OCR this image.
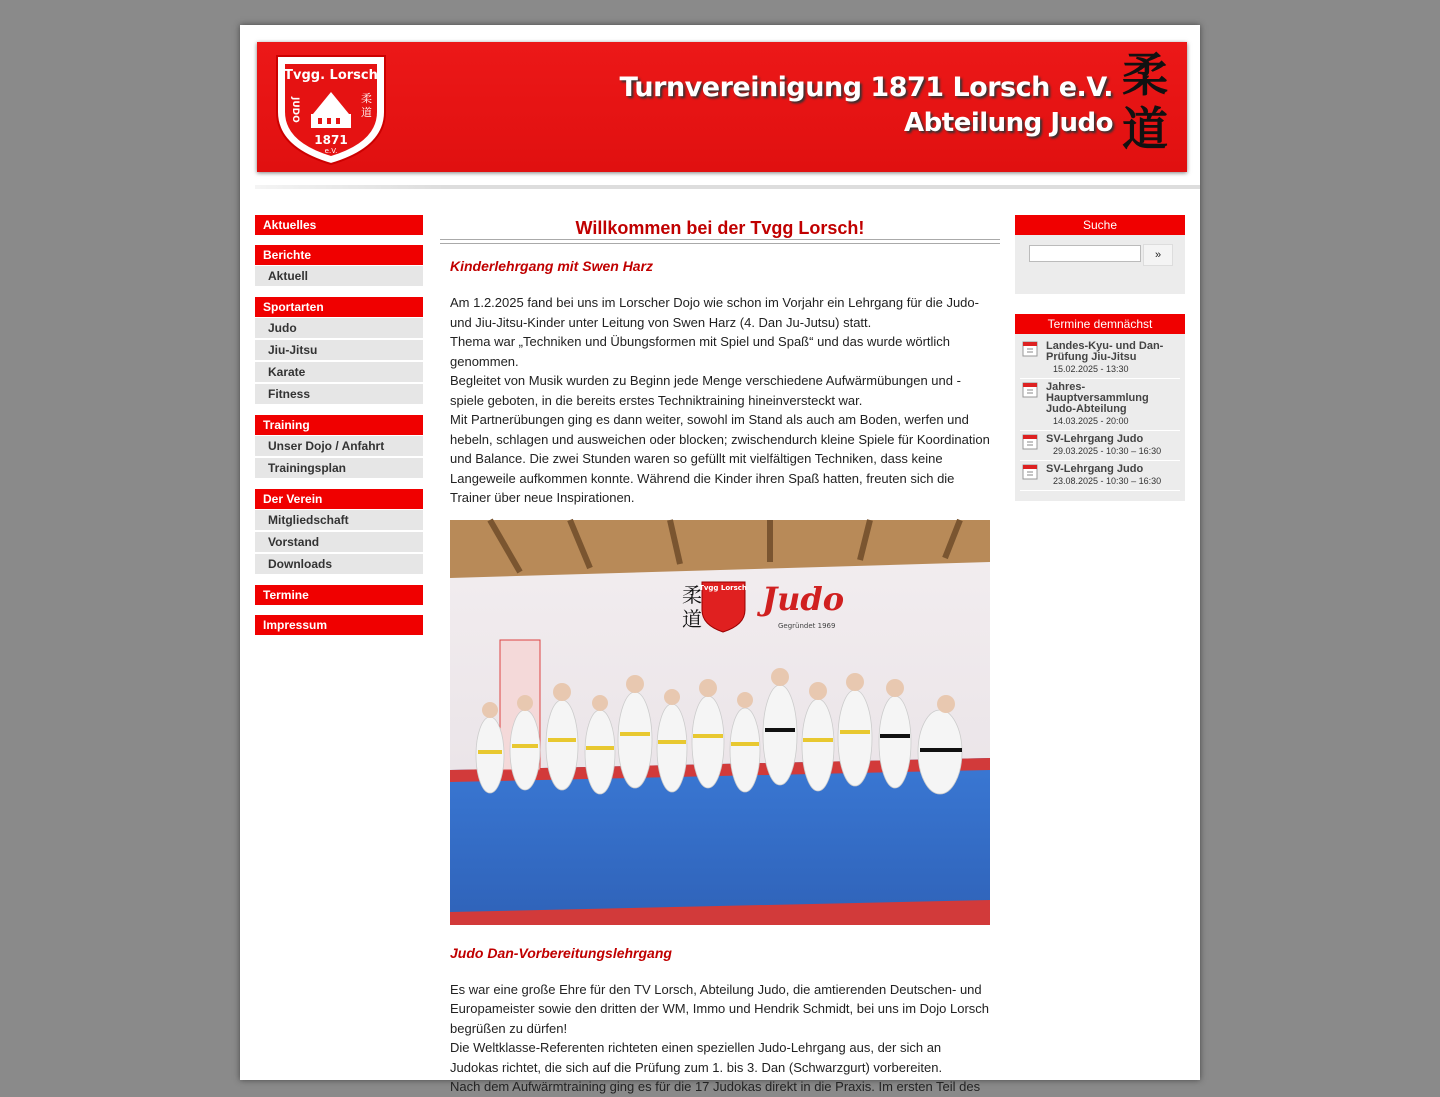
Tvgg. Lorsch
JUDO
1871
e.V.
柔
道
Turnvereinigung 1871 Lorsch e.V.
Abteilung Judo
柔道
Aktuelles
Berichte
Aktuell
Sportarten
Judo
Jiu-Jitsu
Karate
Fitness
Training
Unser Dojo / Anfahrt
Trainingsplan
Der Verein
Mitgliedschaft
Vorstand
Downloads
Termine
Impressum
Willkommen bei der Tvgg Lorsch!
Kinderlehrgang mit Swen Harz

Am 1.2.2025 fand bei uns im Lorscher Dojo wie schon im Vorjahr ein Lehrgang für die Judo- und Jiu-Jitsu-Kinder unter Leitung von Swen Harz (4. Dan Ju-Jutsu) statt.

Thema war „Techniken und Übungsformen mit Spiel und Spaß“ und das wurde wörtlich genommen.

Begleitet von Musik wurden zu Beginn jede Menge verschiedene Aufwärmübungen und -spiele geboten, in die bereits erstes Techniktraining hineinversteckt war.

Mit Partnerübungen ging es dann weiter, sowohl im Stand als auch am Boden, werfen und hebeln, schlagen und ausweichen oder blocken; zwischendurch kleine Spiele für Koordination und Balance. Die zwei Stunden waren so gefüllt mit vielfältigen Techniken, dass keine Langeweile aufkommen konnte. Während die Kinder ihren Spaß hatten, freuten sich die Trainer über neue Inspirationen.

柔
道
Tvgg Lorsch Judo
Gegründet 1969
Judo Dan-Vorbereitungslehrgang

Es war eine große Ehre für den TV Lorsch, Abteilung Judo, die amtierenden Deutschen- und Europameister sowie den dritten der WM, Immo und Hendrik Schmidt, bei uns im Dojo Lorsch begrüßen zu dürfen!

Die Weltklasse-Referenten richteten einen speziellen Judo-Lehrgang aus, der sich an Judokas richtet, die sich auf die Prüfung zum 1. bis 3. Dan (Schwarzgurt) vorbereiten.

Nach dem Aufwärmtraining ging es für die 17 Judokas direkt in die Praxis. Im ersten Teil des

Suche
»
Termine demnächst
Landes-Kyu- und Dan-Prüfung Jiu-Jitsu
15.02.2025 - 13:30
Jahres-Hauptversammlung Judo-Abteilung
14.03.2025 - 20:00
SV-Lehrgang Judo
29.03.2025 - 10:30 – 16:30
SV-Lehrgang Judo
23.08.2025 - 10:30 – 16:30
